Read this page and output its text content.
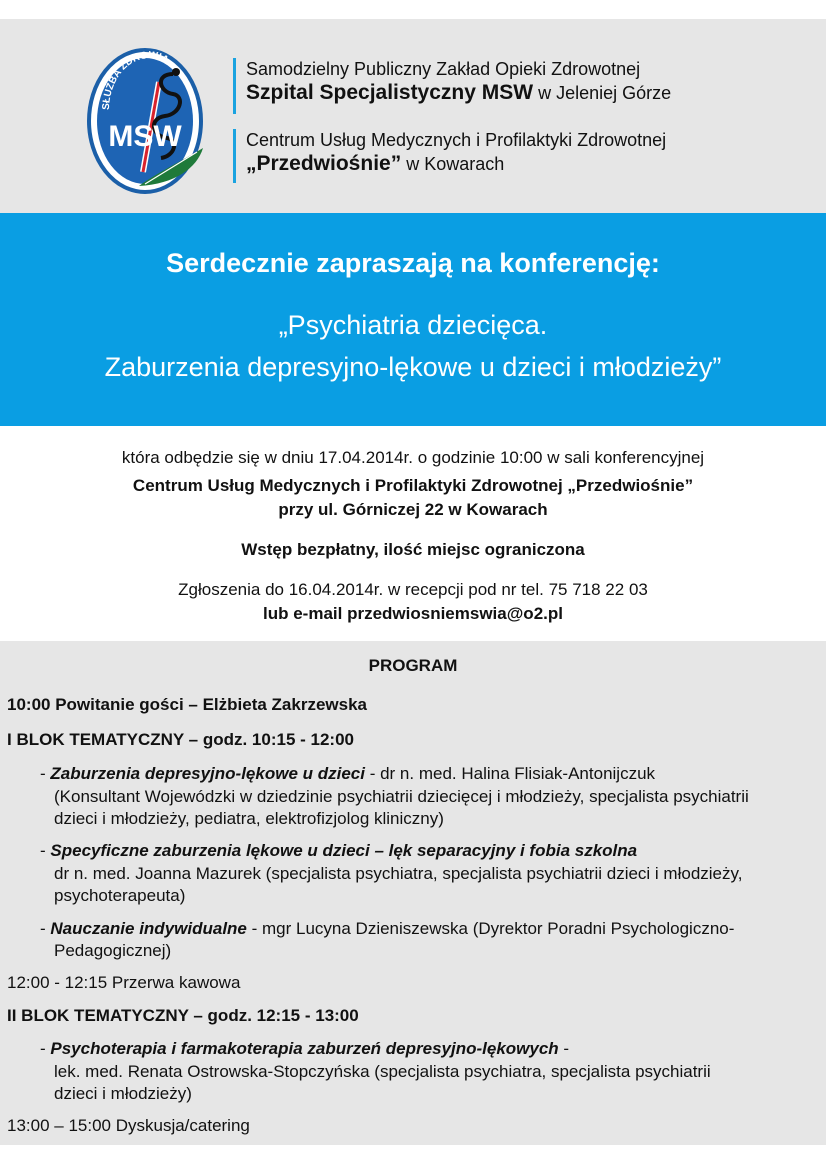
SŁUŻBA ZDROWIA
MSW
Samodzielny Publiczny Zakład Opieki Zdrowotnej
Szpital Specjalistyczny MSW w Jeleniej Górze
Centrum Usług Medycznych i Profilaktyki Zdrowotnej
„Przedwiośnie” w Kowarach
Serdecznie zapraszają na konferencję:
„Psychiatria dziecięca.
Zaburzenia depresyjno-lękowe u dzieci i młodzieży”
która odbędzie się w dniu 17.04.2014r. o godzinie 10:00 w sali konferencyjnej
Centrum Usług Medycznych i Profilaktyki Zdrowotnej „Przedwiośnie”
przy ul. Górniczej 22 w Kowarach
Wstęp bezpłatny, ilość miejsc ograniczona
Zgłoszenia do 16.04.2014r. w recepcji pod nr tel. 75 718 22 03
lub e-mail przedwiosniemswia@o2.pl
PROGRAM
10:00 Powitanie gości – Elżbieta Zakrzewska
I BLOK TEMATYCZNY – godz. 10:15 - 12:00
- Zaburzenia depresyjno-lękowe u dzieci - dr n. med. Halina Flisiak-Antonijczuk
(Konsultant Wojewódzki w dziedzinie psychiatrii dziecięcej i młodzieży, specjalista psychiatrii
dzieci i młodzieży, pediatra, elektrofizjolog kliniczny)
- Specyficzne zaburzenia lękowe u dzieci – lęk separacyjny i fobia szkolna
dr n. med. Joanna Mazurek (specjalista psychiatra, specjalista psychiatrii dzieci i młodzieży,
psychoterapeuta)
- Nauczanie indywidualne - mgr Lucyna Dzieniszewska (Dyrektor Poradni Psychologiczno-
Pedagogicznej)
12:00 - 12:15 Przerwa kawowa
II BLOK TEMATYCZNY – godz. 12:15 - 13:00
- Psychoterapia i farmakoterapia zaburzeń depresyjno-lękowych -
lek. med. Renata Ostrowska-Stopczyńska (specjalista psychiatra, specjalista psychiatrii
dzieci i młodzieży)
13:00 – 15:00 Dyskusja/catering
